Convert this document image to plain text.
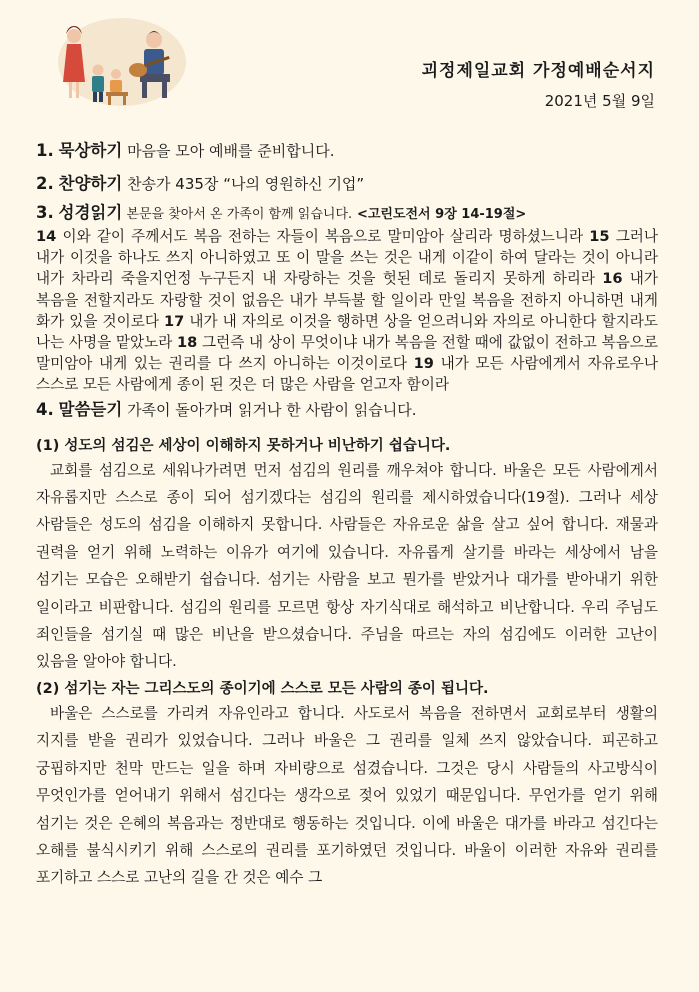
괴정제일교회 가정예배순서지
2021년 5월 9일

1. 묵상하기 마음을 모아 예배를 준비합니다.

2. 찬양하기 찬송가 435장 “나의 영원하신 기업”

3. 성경읽기 본문을 찾아서 온 가족이 함께 읽습니다. <고린도전서 9장 14-19절>

14 이와 같이 주께서도 복음 전하는 자들이 복음으로 말미암아 살리라 명하셨느니라 15 그러나 내가 이것을 하나도 쓰지 아니하였고 또 이 말을 쓰는 것은 내게 이같이 하여 달라는 것이 아니라 내가 차라리 죽을지언정 누구든지 내 자랑하는 것을 헛된 데로 돌리지 못하게 하리라 16 내가 복음을 전할지라도 자랑할 것이 없음은 내가 부득불 할 일이라 만일 복음을 전하지 아니하면 내게 화가 있을 것이로다 17 내가 내 자의로 이것을 행하면 상을 얻으려니와 자의로 아니한다 할지라도 나는 사명을 맡았노라 18 그런즉 내 상이 무엇이냐 내가 복음을 전할 때에 값없이 전하고 복음으로 말미암아 내게 있는 권리를 다 쓰지 아니하는 이것이로다 19 내가 모든 사람에게서 자유로우나 스스로 모든 사람에게 종이 된 것은 더 많은 사람을 얻고자 함이라

4. 말씀듣기 가족이 돌아가며 읽거나 한 사람이 읽습니다.

(1) 성도의 섬김은 세상이 이해하지 못하거나 비난하기 쉽습니다.

교회를 섬김으로 세워나가려면 먼저 섬김의 원리를 깨우쳐야 합니다. 바울은 모든 사람에게서 자유롭지만 스스로 종이 되어 섬기겠다는 섬김의 원리를 제시하였습니다(19절). 그러나 세상 사람들은 성도의 섬김을 이해하지 못합니다. 사람들은 자유로운 삶을 살고 싶어 합니다. 재물과 권력을 얻기 위해 노력하는 이유가 여기에 있습니다. 자유롭게 살기를 바라는 세상에서 남을 섬기는 모습은 오해받기 쉽습니다. 섬기는 사람을 보고 뭔가를 받았거나 대가를 받아내기 위한 일이라고 비판합니다. 섬김의 원리를 모르면 항상 자기식대로 해석하고 비난합니다. 우리 주님도 죄인들을 섬기실 때 많은 비난을 받으셨습니다. 주님을 따르는 자의 섬김에도 이러한 고난이 있음을 알아야 합니다.

(2) 섬기는 자는 그리스도의 종이기에 스스로 모든 사람의 종이 됩니다.

바울은 스스로를 가리켜 자유인라고 합니다. 사도로서 복음을 전하면서 교회로부터 생활의 지지를 받을 권리가 있었습니다. 그러나 바울은 그 권리를 일체 쓰지 않았습니다. 피곤하고 궁핍하지만 천막 만드는 일을 하며 자비량으로 섬겼습니다. 그것은 당시 사람들의 사고방식이 무엇인가를 얻어내기 위해서 섬긴다는 생각으로 젖어 있었기 때문입니다. 무언가를 얻기 위해 섬기는 것은 은혜의 복음과는 정반대로 행동하는 것입니다. 이에 바울은 대가를 바라고 섬긴다는 오해를 불식시키기 위해 스스로의 권리를 포기하였던 것입니다. 바울이 이러한 자유와 권리를 포기하고 스스로 고난의 길을 간 것은 예수 그
